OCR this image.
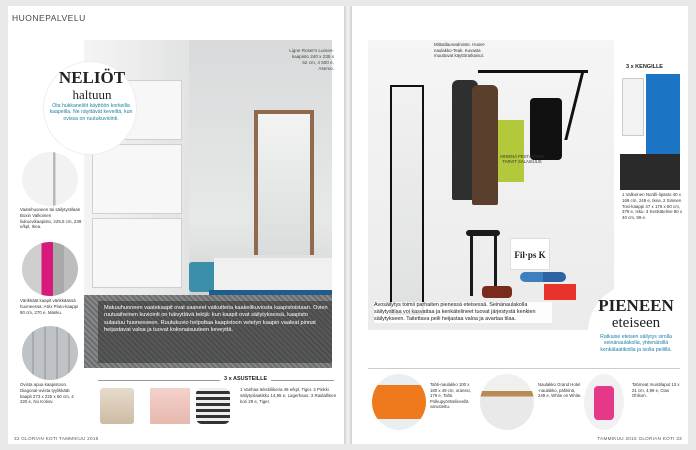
HUONEPALVELU
Makuuhuoneen vaatekaapit ovat saaneet vaikutteita kaakelikuviosta kaapistoistaan. Ovien ruutuaiheinen kuviointi on häivyttävä tekijä: kun kaapit ovat säilytyksessä, kaapisto sulautuu huoneeseen. Ruutukuvio helpottaa kaapistoon vetetyn kaapin vaaleat pinnat heijastavat valoa ja tuovat kokonaisuuteen keveyttä.
Ligne Roset'n Lumen-kaapisto 240 x 235 x 62 cm, 4 500 e, Asemo.
NELIÖT
haltuun
Ota hukkaneliöt käyttöön korkeilla kaapeilla. Ne näyttävät keveiltä, kun ovissa on ruutukuviointi.
Vaatehuoneen tai säilytystilaan Boxin Valkoinen liukuovikaapisto, 225,5 cm, 239 e/kpl, Ikea.
Värikkäät kaapit värikkäässä huoneessa: Atrix Pluto-kaappi 90 cm, 270 e, Masku.
Ovista apua kaapistoon. Diagonal-ovista tyylikkäät kaapit 273 x 225 x 60 cm, 4 320 e, Nu Kotiov.
3 x ASUSTEILLE
1 Vanhaa tekstiilikoria 49 e/kpl, Tiger. 2 Pinkki säilytyslaatikko 14,95 e, Lagerhaus. 3 Raidallinen kori 29 e, Tiger.
32 GLORIAN KOTI TAMMIKUU 2015
Fil·ps K
Mittatilausvalmiste. Huset-naulakko-Teak. Kuvasta muuttuvat käyttöratkaisut.
ARKENÄ PESTÄVÄKSI TARVIT SALAISUUS
Avosäilytys toimii parhaiten pienessä eteisessä. Seinänaulakolla säilytystilaa voi kasvattaa ja kenkätelineet tuovat järjestystä kenkien säilytykseen. Taitettava peili heijastaa valoa ja avartaa tilaa.
3 x KENGILLE
1 Valkoinen Nordli-lipasto 40 x 169 cm, 249 e, Ikea. 2 Sininen Tosi-kaappi 47 x 176 x 50 cm, 379 e, Isku. 3 Kenkäteline 80 x 40 cm, 99 e.
PIENEEN
eteiseen
Ratkaise eteisen säilytys sirolla seinänaulakolla, yhtenäisillä kenkälaatikoilla ja isolla peilillä.
Tahti-naulakko 100 x 180 x 49 cm, oranssi, 179 e, Tahti. Polkupyörätelineellä varustettu.
Naulakko Grand Hotel -naulakko, pähkinä, 249 e, White on White.
Tahmeat muistilaput 13 x 21 cm, 4,99 e, Clas Ohlson.
TAMMIKUU 2015 GLORIAN KOTI 33
